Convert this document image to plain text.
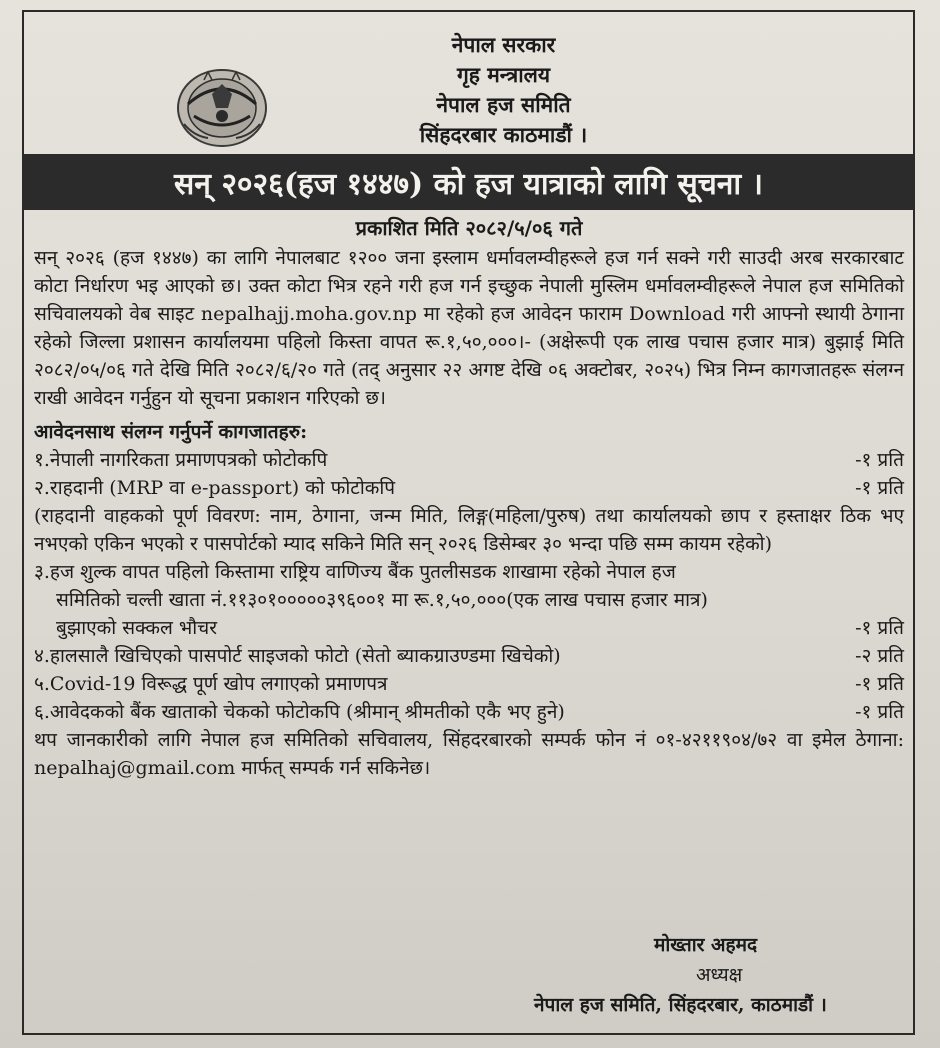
नेपाल सरकार
गृह मन्त्रालय
नेपाल हज समिति
सिंहदरबार काठमाडौं ।
सन् २०२६(हज १४४७) को हज यात्राको लागि सूचना ।
प्रकाशित मिति २०८२/५/०६ गते
सन् २०२६ (हज १४४७) का लागि नेपालबाट १२०० जना इस्लाम धर्मावलम्वीहरूले हज गर्न सक्ने गरी साउदी अरब सरकारबाट कोटा निर्धारण भइ आएको छ। उक्त कोटा भित्र रहने गरी हज गर्न इच्छुक नेपाली मुस्लिम धर्मावलम्वीहरूले नेपाल हज समितिको सचिवालयको वेब साइट nepalhajj.moha.gov.np मा रहेको हज आवेदन फाराम Download गरी आफ्नो स्थायी ठेगाना रहेको जिल्ला प्रशासन कार्यालयमा पहिलो किस्ता वापत रू.१,५०,०००।- (अक्षेरूपी एक लाख पचास हजार मात्र) बुझाई मिति २०८२/०५/०६ गते देखि मिति २०८२/६/२० गते (तद् अनुसार २२ अगष्ट देखि ०६ अक्टोबर, २०२५) भित्र निम्न कागजातहरू संलग्न राखी आवेदन गर्नुहुन यो सूचना प्रकाशन गरिएको छ।
आवेदनसाथ संलग्न गर्नुपर्ने कागजातहरु:
१.नेपाली नागरिकता प्रमाणपत्रको फोटोकपि	-१ प्रति
२.राहदानी (MRP वा e-passport) को फोटोकपि	-१ प्रति
(राहदानी वाहकको पूर्ण विवरण: नाम, ठेगाना, जन्म मिति, लिङ्ग(महिला/पुरुष) तथा कार्यालयको छाप र हस्ताक्षर ठिक भए नभएको एकिन भएको र पासपोर्टको म्याद सकिने मिति सन् २०२६ डिसेम्बर ३० भन्दा पछि सम्म कायम रहेको)
३.हज शुल्क वापत पहिलो किस्तामा राष्ट्रिय वाणिज्य बैंक पुतलीसडक शाखामा रहेको नेपाल हज
समितिको चल्ती खाता नं.११३०१०००००३९६००१ मा रू.१,५०,०००(एक लाख पचास हजार मात्र)
बुझाएको सक्कल भौचर	-१ प्रति
४.हालसालै खिचिएको पासपोर्ट साइजको फोटो (सेतो ब्याकग्राउण्डमा खिचेको)	-२ प्रति
५.Covid-19 विरूद्ध पूर्ण खोप लगाएको प्रमाणपत्र	-१ प्रति
६.आवेदकको बैंक खाताको चेकको फोटोकपि (श्रीमान् श्रीमतीको एकै भए हुने)	-१ प्रति
थप जानकारीको लागि नेपाल हज समितिको सचिवालय, सिंहदरबारको सम्पर्क फोन नं ०१-४२११९०४/७२ वा इमेल ठेगाना: nepalhaj@gmail.com मार्फत् सम्पर्क गर्न सकिनेछ।
मोख्तार अहमद
अध्यक्ष
नेपाल हज समिति, सिंहदरबार, काठमाडौं ।
